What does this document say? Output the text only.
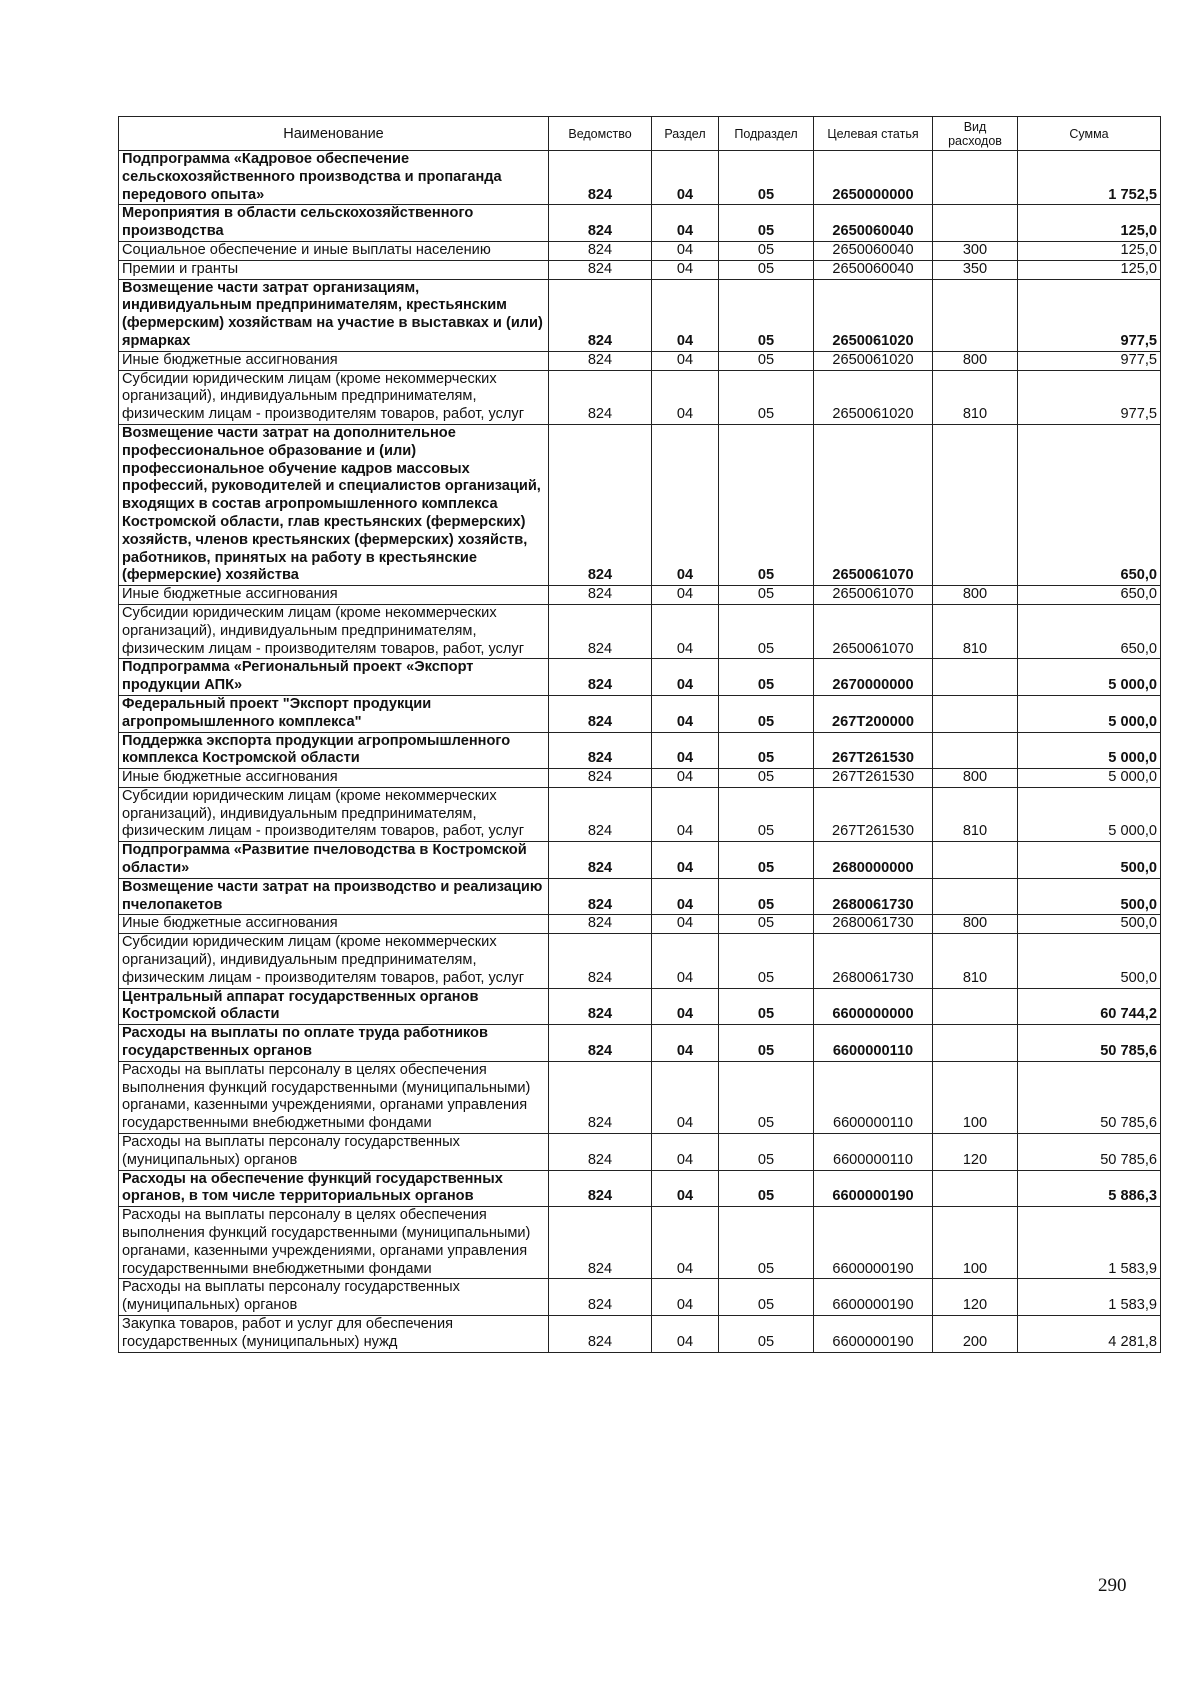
Наименование	Ведомство	Раздел	Подраздел	Целевая статья	Вид расходов	Сумма
Подпрограмма «Кадровое обеспечение сельскохозяйственного производства и пропаганда передового опыта»	824	04	05	2650000000		1 752,5
Мероприятия в области сельскохозяйственного производства	824	04	05	2650060040		125,0
Социальное обеспечение и иные выплаты населению	824	04	05	2650060040	300	125,0
Премии и гранты	824	04	05	2650060040	350	125,0
Возмещение части затрат организациям, индивидуальным предпринимателям, крестьянским (фермерским) хозяйствам на участие в выставках и (или) ярмарках	824	04	05	2650061020		977,5
Иные бюджетные ассигнования	824	04	05	2650061020	800	977,5
Субсидии юридическим лицам (кроме некоммерческих организаций), индивидуальным предпринимателям, физическим лицам - производителям товаров, работ, услуг	824	04	05	2650061020	810	977,5
Возмещение части затрат на дополнительное профессиональное образование и (или) профессиональное обучение кадров массовых профессий, руководителей и специалистов организаций, входящих в состав агропромышленного комплекса Костромской области, глав крестьянских (фермерских) хозяйств, членов крестьянских (фермерских) хозяйств, работников, принятых на работу в крестьянские (фермерские) хозяйства	824	04	05	2650061070		650,0
Иные бюджетные ассигнования	824	04	05	2650061070	800	650,0
Субсидии юридическим лицам (кроме некоммерческих организаций), индивидуальным предпринимателям, физическим лицам - производителям товаров, работ, услуг	824	04	05	2650061070	810	650,0
Подпрограмма «Региональный проект «Экспорт продукции АПК»	824	04	05	2670000000		5 000,0
Федеральный проект "Экспорт продукции агропромышленного комплекса"	824	04	05	267T200000		5 000,0
Поддержка экспорта продукции агропромышленного комплекса Костромской области	824	04	05	267T261530		5 000,0
Иные бюджетные ассигнования	824	04	05	267T261530	800	5 000,0
Субсидии юридическим лицам (кроме некоммерческих организаций), индивидуальным предпринимателям, физическим лицам - производителям товаров, работ, услуг	824	04	05	267T261530	810	5 000,0
Подпрограмма «Развитие пчеловодства в Костромской области»	824	04	05	2680000000		500,0
Возмещение части затрат на производство и реализацию пчелопакетов	824	04	05	2680061730		500,0
Иные бюджетные ассигнования	824	04	05	2680061730	800	500,0
Субсидии юридическим лицам (кроме некоммерческих организаций), индивидуальным предпринимателям, физическим лицам - производителям товаров, работ, услуг	824	04	05	2680061730	810	500,0
Центральный аппарат государственных органов Костромской области	824	04	05	6600000000		60 744,2
Расходы на выплаты по оплате труда работников государственных органов	824	04	05	6600000110		50 785,6
Расходы на выплаты персоналу в целях обеспечения выполнения функций государственными (муниципальными) органами, казенными учреждениями, органами управления государственными внебюджетными фондами	824	04	05	6600000110	100	50 785,6
Расходы на выплаты персоналу государственных (муниципальных) органов	824	04	05	6600000110	120	50 785,6
Расходы на обеспечение функций государственных органов, в том числе территориальных органов	824	04	05	6600000190		5 886,3
Расходы на выплаты персоналу в целях обеспечения выполнения функций государственными (муниципальными) органами, казенными учреждениями, органами управления государственными внебюджетными фондами	824	04	05	6600000190	100	1 583,9
Расходы на выплаты персоналу государственных (муниципальных) органов	824	04	05	6600000190	120	1 583,9
Закупка товаров, работ и услуг для обеспечения государственных (муниципальных) нужд	824	04	05	6600000190	200	4 281,8
290
